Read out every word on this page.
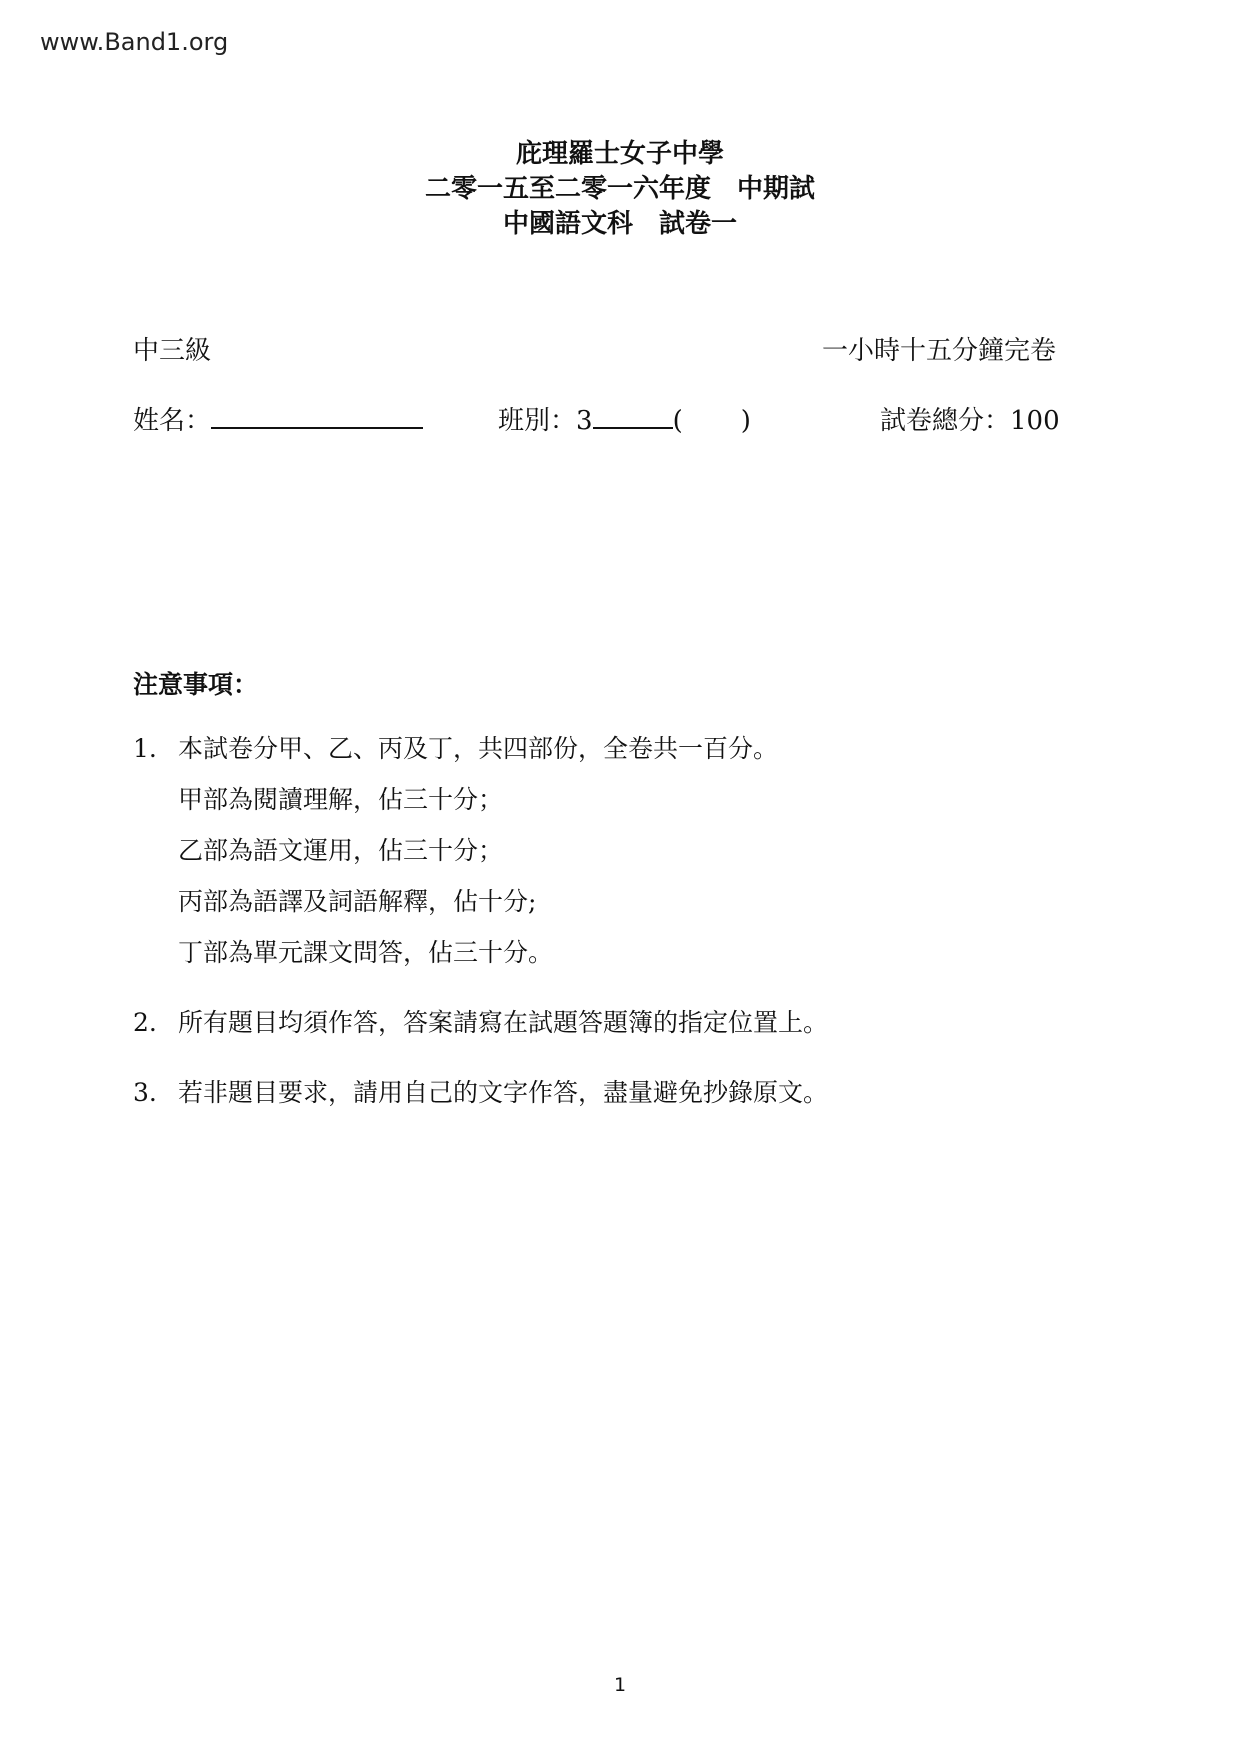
www.Band1.org
庇理羅士女子中學
二零一五至二零一六年度 中期試
中國語文科 試卷一
中三級	一小時十五分鐘完卷
姓名：	班別：3	( )	試卷總分：100
注意事項：
1. 本試卷分甲、乙、丙及丁，共四部份，全卷共一百分。
甲部為閱讀理解，佔三十分；
乙部為語文運用，佔三十分；
丙部為語譯及詞語解釋，佔十分;
丁部為單元課文問答，佔三十分。
2. 所有題目均須作答，答案請寫在試題答題簿的指定位置上。
3. 若非題目要求，請用自己的文字作答，盡量避免抄錄原文。
1
